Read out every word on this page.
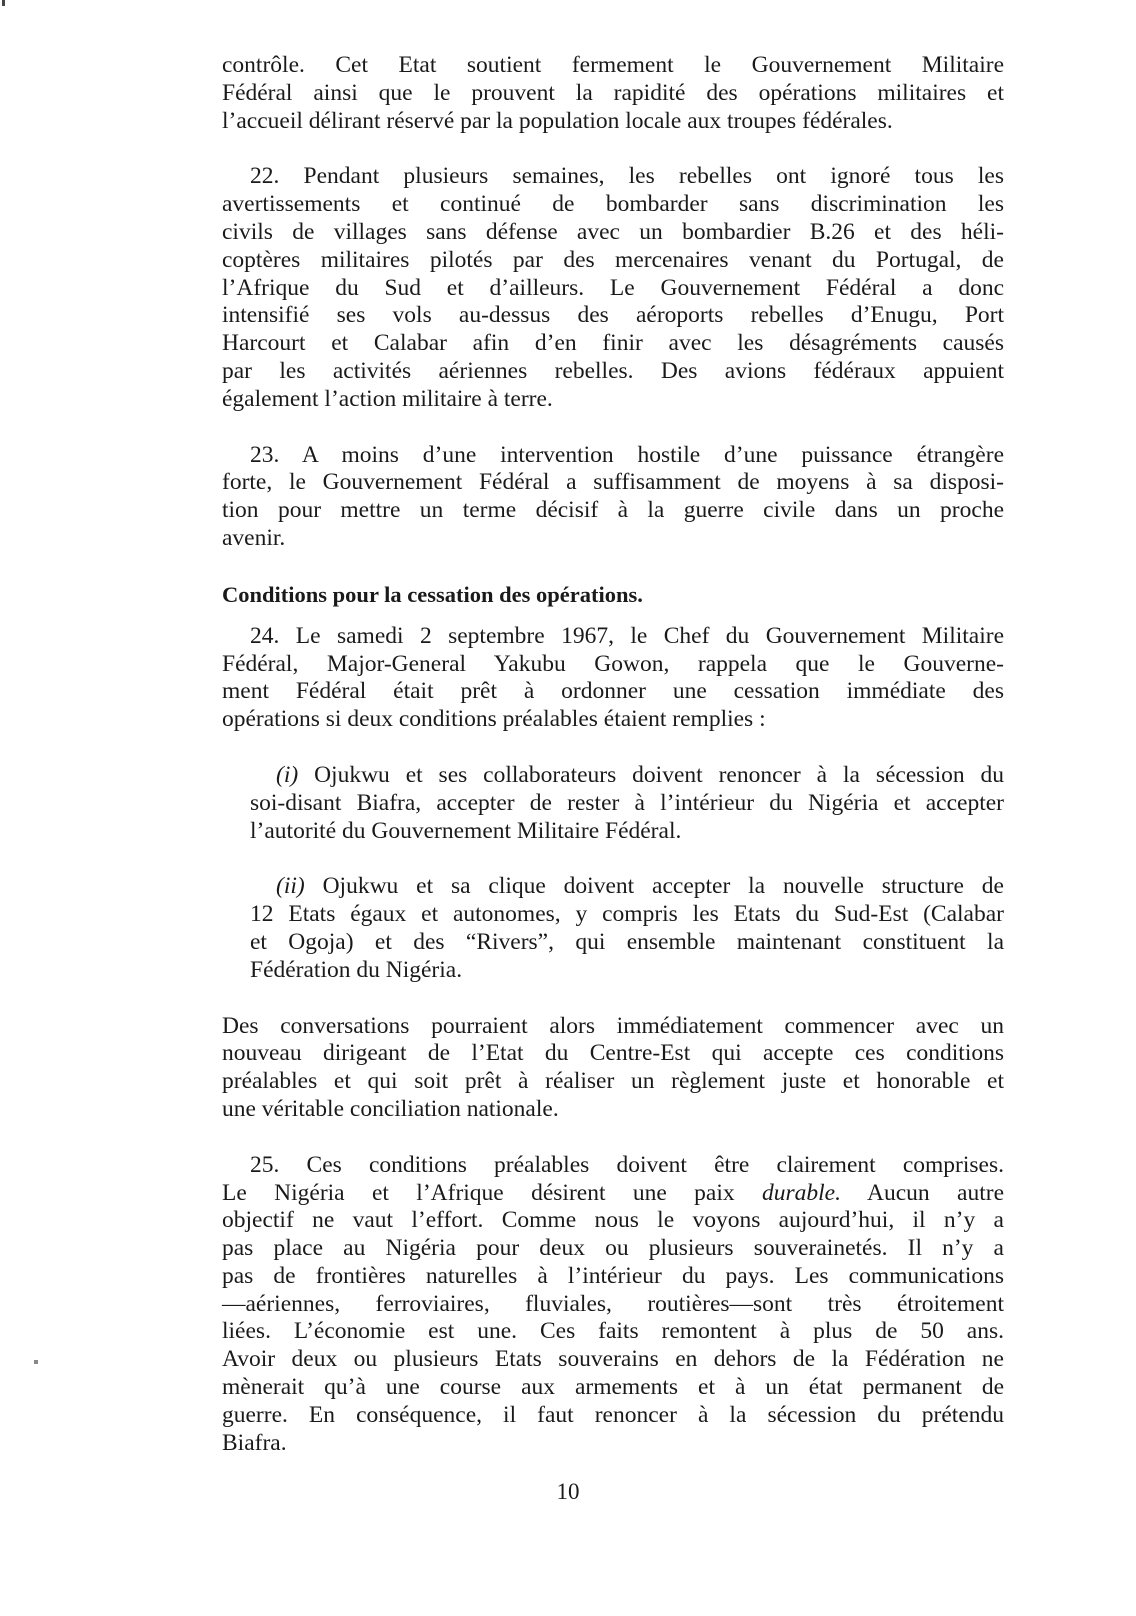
contrôle. Cet Etat soutient fermement le Gouvernement Militaire
Fédéral ainsi que le prouvent la rapidité des opérations militaires et
l’accueil délirant réservé par la population locale aux troupes fédérales.
22. Pendant plusieurs semaines, les rebelles ont ignoré tous les
avertissements et continué de bombarder sans discrimination les
civils de villages sans défense avec un bombardier B.26 et des héli-
coptères militaires pilotés par des mercenaires venant du Portugal, de
l’Afrique du Sud et d’ailleurs. Le Gouvernement Fédéral a donc
intensifié ses vols au-dessus des aéroports rebelles d’Enugu, Port
Harcourt et Calabar afin d’en finir avec les désagréments causés
par les activités aériennes rebelles. Des avions fédéraux appuient
également l’action militaire à terre.
23. A moins d’une intervention hostile d’une puissance étrangère
forte, le Gouvernement Fédéral a suffisamment de moyens à sa disposi-
tion pour mettre un terme décisif à la guerre civile dans un proche
avenir.
Conditions pour la cessation des opérations.
24. Le samedi 2 septembre 1967, le Chef du Gouvernement Militaire
Fédéral, Major-General Yakubu Gowon, rappela que le Gouverne-
ment Fédéral était prêt à ordonner une cessation immédiate des
opérations si deux conditions préalables étaient remplies :
(i) Ojukwu et ses collaborateurs doivent renoncer à la sécession du
soi-disant Biafra, accepter de rester à l’intérieur du Nigéria et accepter
l’autorité du Gouvernement Militaire Fédéral.
(ii) Ojukwu et sa clique doivent accepter la nouvelle structure de
12 Etats égaux et autonomes, y compris les Etats du Sud-Est (Calabar
et Ogoja) et des “Rivers”, qui ensemble maintenant constituent la
Fédération du Nigéria.
Des conversations pourraient alors immédiatement commencer avec un
nouveau dirigeant de l’Etat du Centre-Est qui accepte ces conditions
préalables et qui soit prêt à réaliser un règlement juste et honorable et
une véritable conciliation nationale.
25. Ces conditions préalables doivent être clairement comprises.
Le Nigéria et l’Afrique désirent une paix durable. Aucun autre
objectif ne vaut l’effort. Comme nous le voyons aujourd’hui, il n’y a
pas place au Nigéria pour deux ou plusieurs souverainetés. Il n’y a
pas de frontières naturelles à l’intérieur du pays. Les communications
—aériennes, ferroviaires, fluviales, routières—sont très étroitement
liées. L’économie est une. Ces faits remontent à plus de 50 ans.
Avoir deux ou plusieurs Etats souverains en dehors de la Fédération ne
mènerait qu’à une course aux armements et à un état permanent de
guerre. En conséquence, il faut renoncer à la sécession du prétendu
Biafra.
10
